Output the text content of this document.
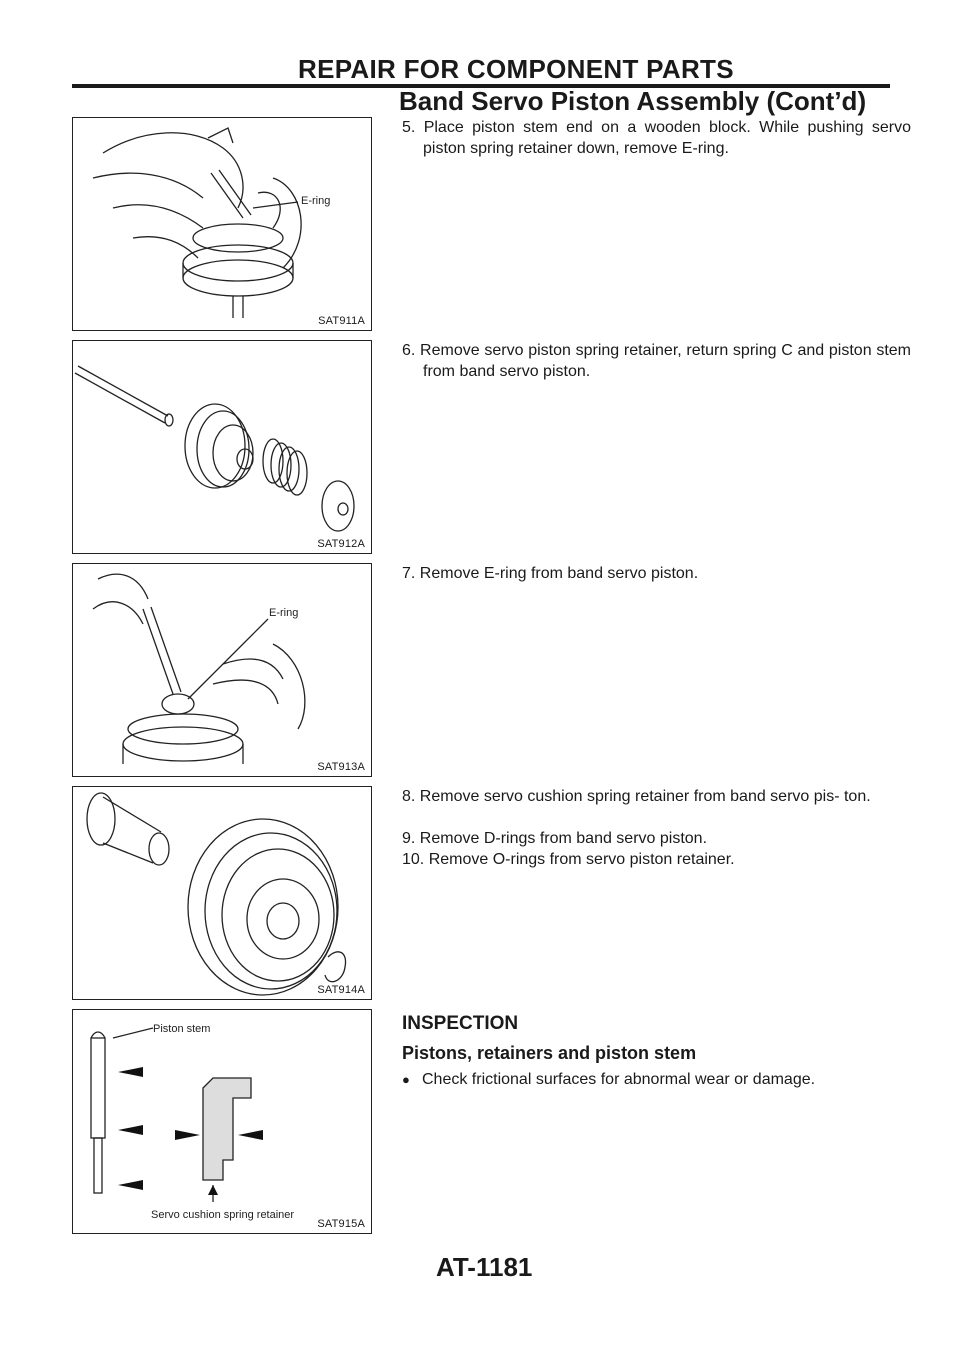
REPAIR FOR COMPONENT PARTS
Band Servo Piston Assembly (Cont’d)
E-ring
SAT911A
SAT912A
E-ring
SAT913A
SAT914A
Piston stem
Servo cushion spring retainer
SAT915A

5. Place piston stem end on a wooden block. While pushing servo piston spring retainer down, remove E-ring.

6. Remove servo piston spring retainer, return spring C and piston stem from band servo piston.

7. Remove E-ring from band servo piston.

8. Remove servo cushion spring retainer from band servo pis- ton.

9. Remove D-rings from band servo piston.

10. Remove O-rings from servo piston retainer.

INSPECTION
Pistons, retainers and piston stem
● Check frictional surfaces for abnormal wear or damage.
AT-1181
